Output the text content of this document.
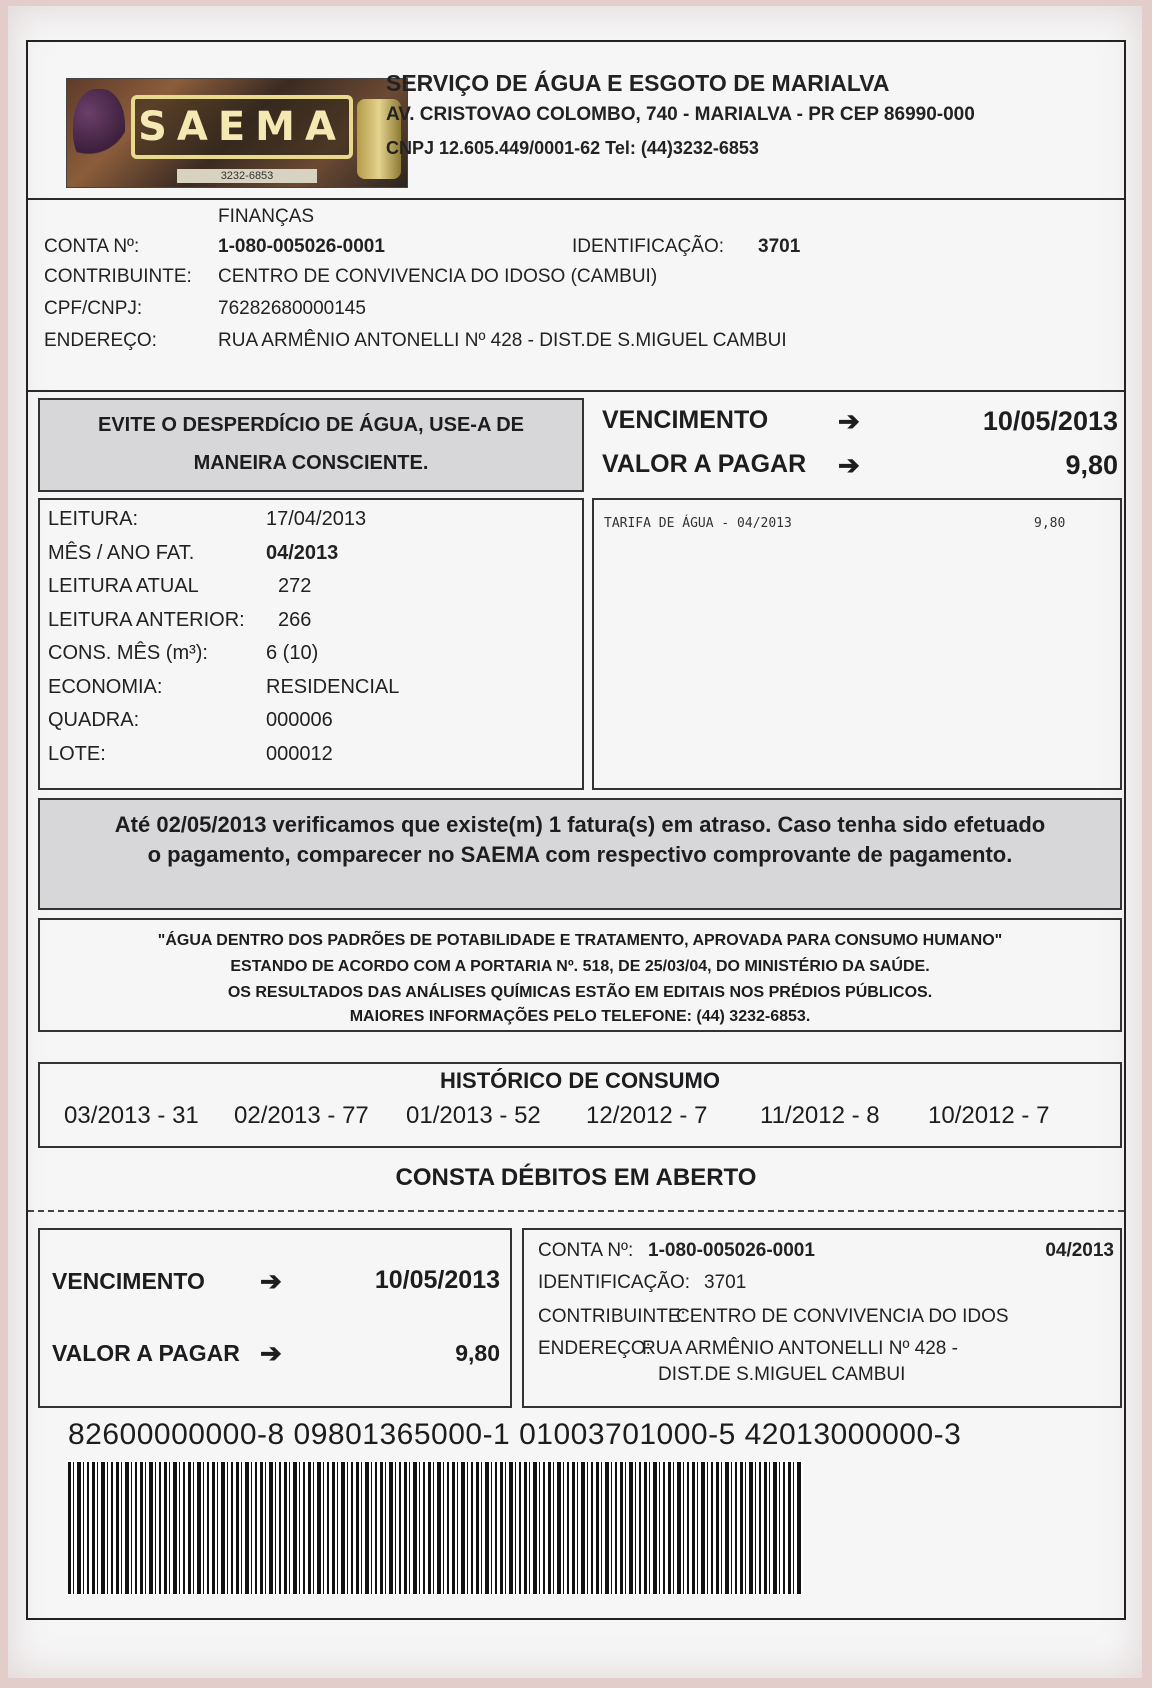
SAEMA
3232-6853
SERVIÇO DE ÁGUA E ESGOTO DE MARIALVA
AV. CRISTOVAO COLOMBO, 740 - MARIALVA - PR CEP 86990-000
CNPJ 12.605.449/0001-62 Tel: (44)3232-6853
FINANÇAS
CONTA Nº:	1-080-005026-0001	IDENTIFICAÇÃO: 3701
CONTRIBUINTE: CENTRO DE CONVIVENCIA DO IDOSO (CAMBUI)
CPF/CNPJ:	76282680000145
ENDEREÇO:	RUA ARMÊNIO ANTONELLI Nº 428 - DIST.DE S.MIGUEL CAMBUI
EVITE O DESPERDÍCIO DE ÁGUA, USE-A DE
MANEIRA CONSCIENTE.
VENCIMENTO	➔	10/05/2013
VALOR A PAGAR ➔	9,80
LEITURA:	17/04/2013
MÊS / ANO FAT.	04/2013
LEITURA ATUAL	272
LEITURA ANTERIOR: 266
CONS. MÊS (m³):	6 (10)
ECONOMIA:	RESIDENCIAL
QUADRA:	000006
LOTE:	000012
TARIFA DE ÁGUA - 04/2013	9,80
Até 02/05/2013 verificamos que existe(m) 1 fatura(s) em atraso. Caso tenha sido efetuado
o pagamento, comparecer no SAEMA com respectivo comprovante de pagamento.
"ÁGUA DENTRO DOS PADRÕES DE POTABILIDADE E TRATAMENTO, APROVADA PARA CONSUMO HUMANO"
ESTANDO DE ACORDO COM A PORTARIA Nº. 518, DE 25/03/04, DO MINISTÉRIO DA SAÚDE.
OS RESULTADOS DAS ANÁLISES QUÍMICAS ESTÃO EM EDITAIS NOS PRÉDIOS PÚBLICOS.
MAIORES INFORMAÇÕES PELO TELEFONE: (44) 3232-6853.
HISTÓRICO DE CONSUMO
03/2013 - 31 02/2013 - 77 01/2013 - 52 12/2012 - 7 11/2012 - 8 10/2012 - 7
CONSTA DÉBITOS EM ABERTO
VENCIMENTO ➔	10/05/2013
VALOR A PAGAR ➔	9,80
CONTA Nº: 1-080-005026-0001	04/2013
IDENTIFICAÇÃO: 3701
CONTRIBUINTE:
CENTRO DE CONVIVENCIA DO IDOS
ENDEREÇO:
RUA ARMÊNIO ANTONELLI Nº 428 -
DIST.DE S.MIGUEL CAMBUI
82600000000-8 09801365000-1 01003701000-5 42013000000-3
